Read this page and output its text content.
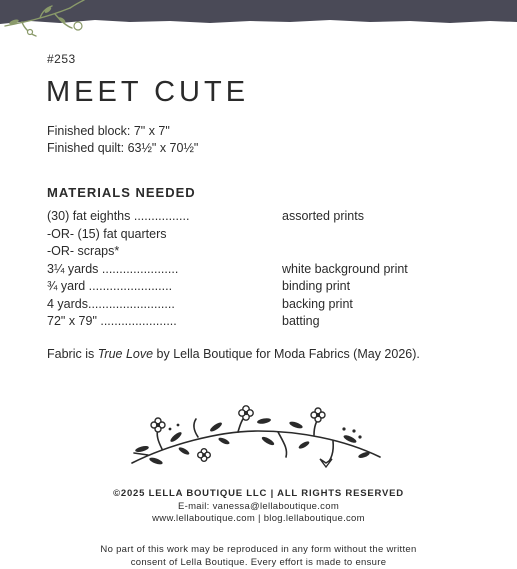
#253
MEET CUTE
Finished block: 7" x 7"
Finished quilt: 63½" x 70½"
MATERIALS NEEDED
(30) fat eighths ................	assorted prints
-OR- (15) fat quarters
-OR- scraps*
3¼ yards ......................	white background print
¾ yard ........................	binding print
4 yards.........................	backing print
72" x 79" ......................	batting
Fabric is True Love by Lella Boutique for Moda Fabrics (May 2026).
©2025 LELLA BOUTIQUE LLC | ALL RIGHTS RESERVED
E-mail: vanessa@lellaboutique.com
www.lellaboutique.com | blog.lellaboutique.com
No part of this work may be reproduced in any form without the written
consent of Lella Boutique. Every effort is made to ensure
